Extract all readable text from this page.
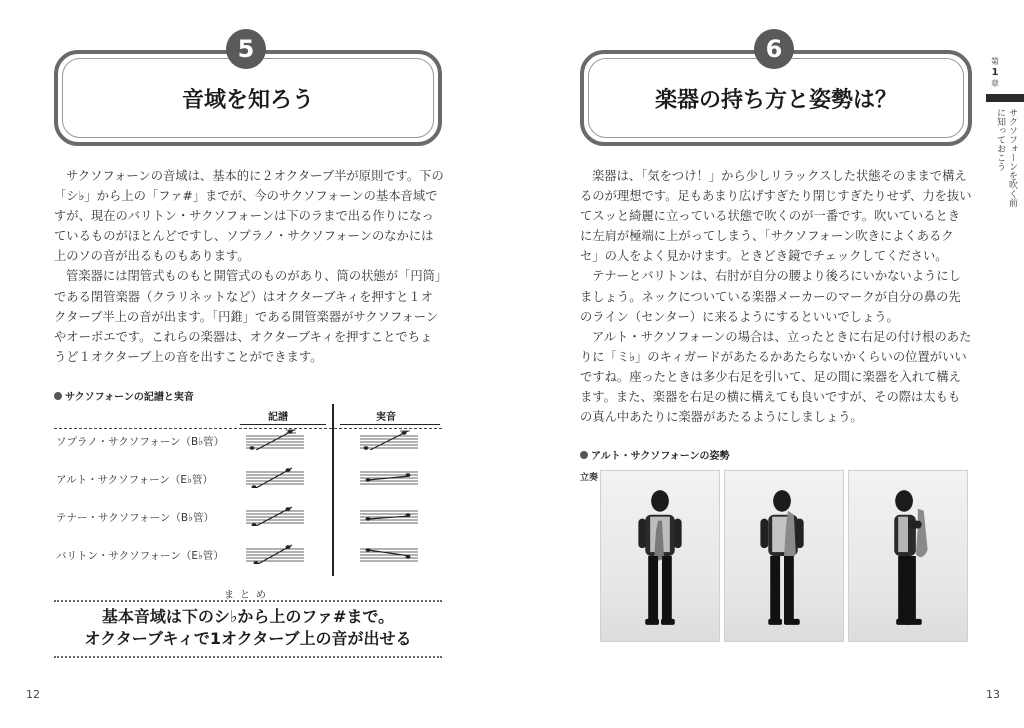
5
音域を知ろう

サクソフォーンの音域は、基本的に２オクターブ半が原則です。下の「シ♭」から上の「ファ#」までが、今のサクソフォーンの基本音域ですが、現在のバリトン・サクソフォーンは下のラまで出る作りになっているものがほとんどですし、ソプラノ・サクソフォーンのなかには上のソの音が出るものもあります。

管楽器には閉管式ものもと開管式のものがあり、筒の状態が「円筒」である閉管楽器（クラリネットなど）はオクターブキィを押すと１オクターブ半上の音が出ます。「円錐」である開管楽器がサクソフォーンやオーボエです。これらの楽器は、オクターブキィを押すことでちょうど１オクターブ上の音を出すことができます。

サクソフォーンの記譜と実音
記譜	実音
ソプラノ・サクソフォーン（B♭管）
アルト・サクソフォーン（E♭管）
テナー・サクソフォーン（B♭管）
バリトン・サクソフォーン（E♭管）
まとめ
基本音域は下のシ♭から上のファ#まで。
オクターブキィで1オクターブ上の音が出せる
12
6
楽器の持ち方と姿勢は？

楽器は、「気をつけ！」から少しリラックスした状態そのままで構えるのが理想です。足もあまり広げすぎたり閉じすぎたりせず、力を抜いてスッと綺麗に立っている状態で吹くのが一番です。吹いているときに左肩が極端に上がってしまう、「サクソフォーン吹きによくあるクセ」の人をよく見かけます。ときどき鏡でチェックしてください。

テナーとバリトンは、右肘が自分の腰より後ろにいかないようにしましょう。ネックについている楽器メーカーのマークが自分の鼻の先のライン（センター）に来るようにするといいでしょう。

アルト・サクソフォーンの場合は、立ったときに右足の付け根のあたりに「ミ♭」のキィガードがあたるかあたらないかくらいの位置がいいですね。座ったときは多少右足を引いて、足の間に楽器を入れて構えます。また、楽器を右足の横に構えても良いですが、その際は太ももの真ん中あたりに楽器があたるようにしましょう。

13
第
1
章
サクソフォーンを吹く前に知っておこう
アルト・サクソフォーンの姿勢
立奏
